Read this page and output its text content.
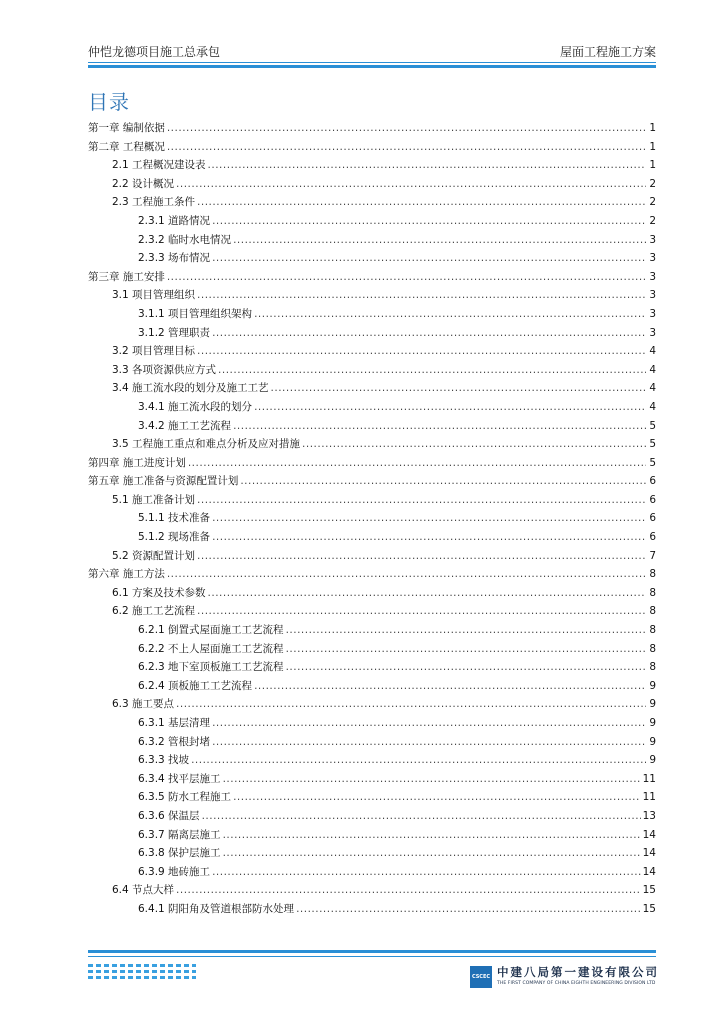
仲恺龙德项目施工总承包	屋面工程施工方案
目录
第一章 编制依据 .....	1
第二章 工程概况 .....	1
2.1 工程概况建设表 .....	1
2.2 设计概况 .....	2
2.3 工程施工条件 .....	2
2.3.1 道路情况 .....	2
2.3.2 临时水电情况 .....	3
2.3.3 场布情况 .....	3
第三章 施工安排 .....	3
3.1 项目管理组织 .....	3
3.1.1 项目管理组织架构 .....	3
3.1.2 管理职责 .....	3
3.2 项目管理目标 .....	4
3.3 各项资源供应方式 .....	4
3.4 施工流水段的划分及施工工艺 .....	4
3.4.1 施工流水段的划分 .....	4
3.4.2 施工工艺流程 .....	5
3.5 工程施工重点和难点分析及应对措施 .....	5
第四章 施工进度计划 .....	5
第五章 施工准备与资源配置计划 .....	6
5.1 施工准备计划 .....	6
5.1.1 技术准备 .....	6
5.1.2 现场准备 .....	6
5.2 资源配置计划 .....	7
第六章 施工方法 .....	8
6.1 方案及技术参数 .....	8
6.2 施工工艺流程 .....	8
6.2.1 倒置式屋面施工工艺流程 .....	8
6.2.2 不上人屋面施工工艺流程 .....	8
6.2.3 地下室顶板施工工艺流程 .....	8
6.2.4 顶板施工工艺流程 .....	9
6.3 施工要点 .....	9
6.3.1 基层清理 .....	9
6.3.2 管根封堵 .....	9
6.3.3 找坡 .....	9
6.3.4 找平层施工 .....	11
6.3.5 防水工程施工 .....	11
6.3.6 保温层 .....	13
6.3.7 隔离层施工 .....	14
6.3.8 保护层施工 .....	14
6.3.9 地砖施工 .....	14
6.4 节点大样 .....	15
6.4.1 阴阳角及管道根部防水处理 .....	15
CSCEC 中建八局第一建设有限公司
THE FIRST COMPANY OF CHINA EIGHTH ENGINEERING DIVISION LTD
